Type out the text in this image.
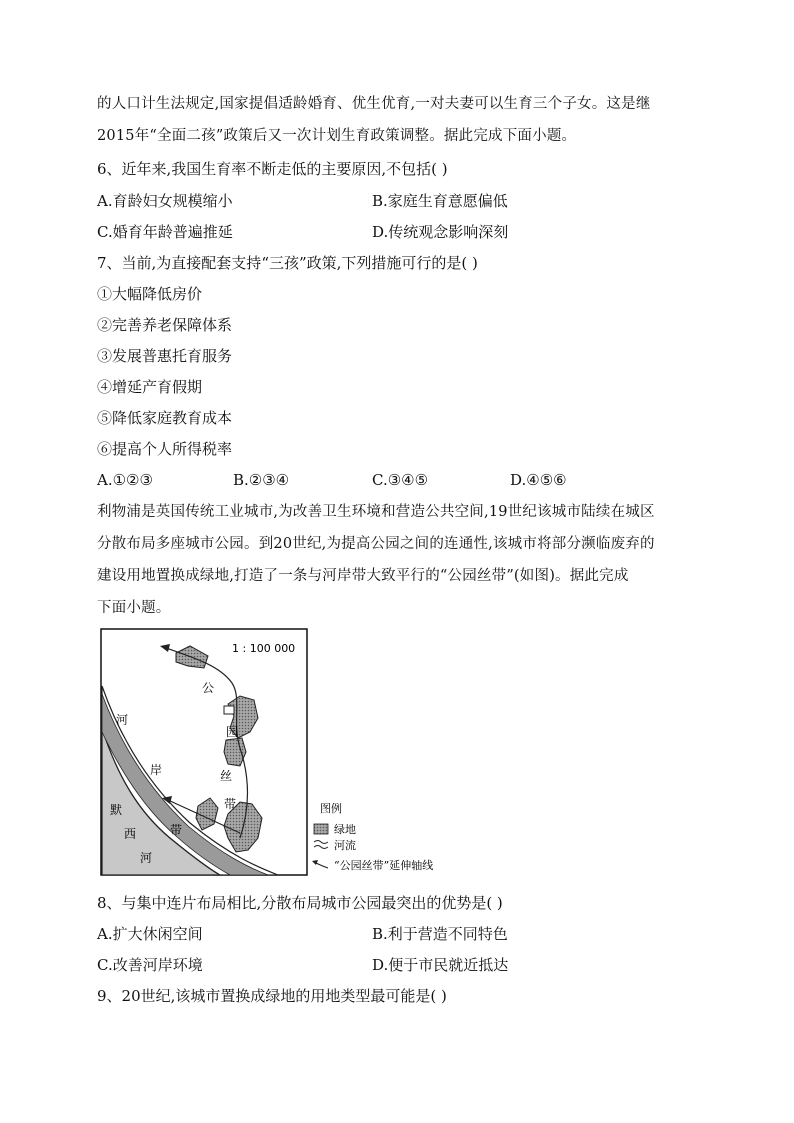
的人口计生法规定,国家提倡适龄婚育、优生优育,一对夫妻可以生育三个子女。这是继
2015年“全面二孩”政策后又一次计划生育政策调整。据此完成下面小题。
6、近年来,我国生育率不断走低的主要原因,不包括( )
A.育龄妇女规模缩小	B.家庭生育意愿偏低
C.婚育年龄普遍推延	D.传统观念影响深刻
7、当前,为直接配套支持“三孩”政策,下列措施可行的是( )
①大幅降低房价
②完善养老保障体系
③发展普惠托育服务
④增延产育假期
⑤降低家庭教育成本
⑥提高个人所得税率
A.①②③	B.②③④	C.③④⑤	D.④⑤⑥
利物浦是英国传统工业城市,为改善卫生环境和营造公共空间,19世纪该城市陆续在城区
分散布局多座城市公园。到20世纪,为提高公园之间的连通性,该城市将部分濒临废弃的
建设用地置换成绿地,打造了一条与河岸带大致平行的“公园丝带”(如图)。据此完成
下面小题。
1 : 100 000
公
园
丝
带
河
岸
带
默
西
河
图例
绿地
河流
“公园丝带”延伸轴线
8、与集中连片布局相比,分散布局城市公园最突出的优势是( )
A.扩大休闲空间	B.利于营造不同特色
C.改善河岸环境	D.便于市民就近抵达
9、20世纪,该城市置换成绿地的用地类型最可能是( )
